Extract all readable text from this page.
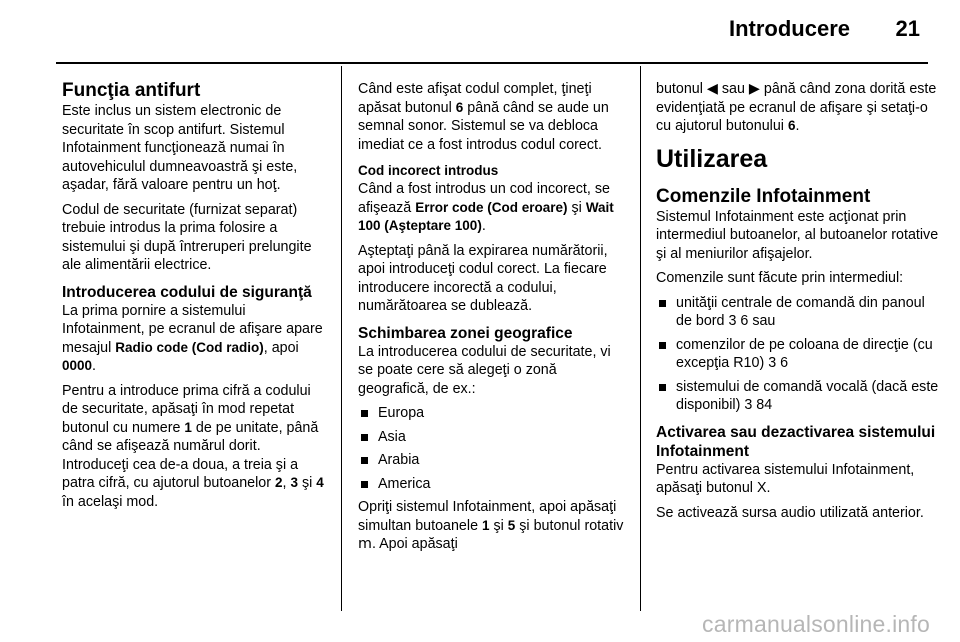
Introducere 21
Funcţia antifurt

Este inclus un sistem electronic de securitate în scop antifurt. Sistemul Infotainment funcţionează numai în autovehiculul dumneavoastră şi este, aşadar, fără valoare pentru un hoţ.

Codul de securitate (furnizat separat) trebuie introdus la prima folosire a sistemului şi după întreruperi prelungite ale alimentării electrice.

Introducerea codului de siguranţă

La prima pornire a sistemului Infotainment, pe ecranul de afişare apare mesajul Radio code (Cod radio), apoi 0000.

Pentru a introduce prima cifră a codului de securitate, apăsaţi în mod repetat butonul cu numere 1 de pe unitate, până când se afişează numărul dorit. Introduceţi cea de-a doua, a treia şi a patra cifră, cu ajutorul butoanelor 2, 3 şi 4 în acelaşi mod.

Când este afişat codul complet, ţineţi apăsat butonul 6 până când se aude un semnal sonor. Sistemul se va debloca imediat ce a fost introdus codul corect.

Cod incorect introdus

Când a fost introdus un cod incorect, se afişează Error code (Cod eroare) şi Wait 100 (Aşteptare 100).

Aşteptaţi până la expirarea numărătorii, apoi introduceţi codul corect. La fiecare introducere incorectă a codului, numărătoarea se dublează.

Schimbarea zonei geografice

La introducerea codului de securitate, vi se poate cere să alegeţi o zonă geografică, de ex.:

Europa
Asia
Arabia
America

Opriţi sistemul Infotainment, apoi apăsaţi simultan butoanele 1 şi 5 şi butonul rotativ m. Apoi apăsaţi

butonul ◀ sau ▶ până când zona dorită este evidenţiată pe ecranul de afişare şi setaţi-o cu ajutorul butonului 6.

Utilizarea
Comenzile Infotainment

Sistemul Infotainment este acţionat prin intermediul butoanelor, al butoanelor rotative şi al meniurilor afişajelor.

Comenzile sunt făcute prin intermediul:

unităţii centrale de comandă din panoul de bord 3 6 sau
comenzilor de pe coloana de direcţie (cu excepţia R10) 3 6
sistemului de comandă vocală (dacă este disponibil) 3 84
Activarea sau dezactivarea sistemului Infotainment

Pentru activarea sistemului Infotainment, apăsaţi butonul X.

Se activează sursa audio utilizată anterior.

carmanualsonline.info
